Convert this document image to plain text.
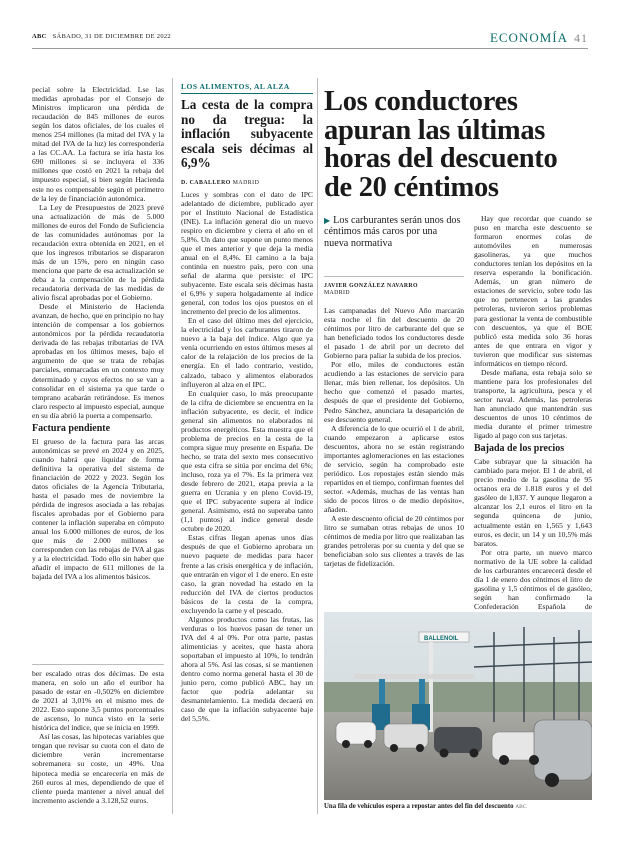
ABC SÁBADO, 31 DE DICIEMBRE DE 2022	ECONOMÍA 41

pecial sobre la Electricidad. Lse las medidas aprobadas por el Consejo de Ministros implicaron una pérdida de recaudación de 845 millones de euros según los datos oficiales, de los cuales el menos 254 millones (la mitad del IVA y la mitad del IVA de la luz) les correspondería a las CC.AA. La factura se iría hasta los 690 millones si se incluyera el 336 millones que costó en 2021 la rebaja del impuesto especial, si bien según Hacienda este no es compensable según el perímetro de la ley de financiación autonómica.

La Ley de Presupuestos de 2023 prevé una actualización de más de 5.000 millones de euros del Fondo de Suficiencia de las comunidades autónomas por la recaudación extra obtenida en 2021, en el que los ingresos tributarios se dispararon más de un 15%, pero en ningún caso menciona que parte de esa actualización se deba a la compensación de la pérdida recaudatoria derivada de las medidas de alivio fiscal aprobadas por el Gobierno.

Desde el Ministerio de Hacienda avanzan, de hecho, que en principio no hay intención de compensar a los gobiernos autonómicos por la pérdida recaudatoria derivada de las rebajas tributarias de IVA aprobadas en los últimos meses, bajo el argumento de que se trata de rebajas parciales, enmarcadas en un contexto muy determinado y cuyos efectos no se van a consolidar en el sistema ya que tarde o temprano acabarán retirándose. Es menos claro respecto al impuesto especial, aunque en su día abrió la puerta a compensarlo.

Factura pendiente

El grueso de la factura para las arcas autonómicas se prevé en 2024 y en 2025, cuando habrá que liquidar de forma definitiva la operativa del sistema de financiación de 2022 y 2023. Según los datos oficiales de la Agencia Tributaria, hasta el pasado mes de noviembre la pérdida de ingresos asociada a las rebajas fiscales aprobadas por el Gobierno para contener la inflación superaba en cómputo anual los 6.000 millones de euros, de los que más de 2.000 millones se corresponden con las rebajas de IVA al gas y a la electricidad. Todo ello sin haber que añadir el impacto de 611 millones de la bajada del IVA a los alimentos básicos.

ber escalado otras dos décimas. De esta manera, en solo un año el euríbor ha pasado de estar en -0,502% en diciembre de 2021 al 3,01% en el mismo mes de 2022. Esto supone 3,5 puntos porcentuales de ascenso, lo nunca visto en la serie histórica del índice, que se inicia en 1999.

Así las cosas, las hipotecas variables que tengan que revisar su cuota con el dato de diciembre verán incrementarse sobremanera su coste, un 49%. Una hipoteca media se encarecería en más de 260 euros al mes, dependiendo de que el cliente pueda mantener a nivel anual del incremento asciende a 3.128,52 euros.

LOS ALIMENTOS, AL ALZA
La cesta de la compra no da tregua: la inflación subyacente escala seis décimas al 6,9%
D. CABALLERO MADRID

Luces y sombras con el dato de IPC adelantado de diciembre, publicado ayer por el Instituto Nacional de Estadística (INE). La inflación general dio un nuevo respiro en diciembre y cierra el año en el 5,8%. Un dato que supone un punto menos que el mes anterior y que deja la media anual en el 8,4%. El camino a la baja continúa en nuestro país, pero con una señal de alarma que persiste: el IPC subyacente. Este escala seis décimas hasta el 6,9% y supera holgadamente al índice general, con todos los ojos puestos en el incremento del precio de los alimentos.

En el caso del último mes del ejercicio, la electricidad y los carburantes tiraron de nuevo a la baja del índice. Algo que ya venía ocurriendo en estos últimos meses al calor de la relajación de los precios de la energía. En el lado contrario, vestido, calzado, tabaco y alimentos elaborados influyeron al alza en el IPC.

En cualquier caso, lo más preocupante de la cifra de diciembre se encuentra en la inflación subyacente, es decir, el índice general sin alimentos no elaborados ni productos energéticos. Esta muestra que el problema de precios en la cesta de la compra sigue muy presente en España. De hecho, se trata del sexto mes consecutivo que esta cifra se sitúa por encima del 6%; incluso, roza ya el 7%. Es la primera vez desde febrero de 2021, etapa previa a la guerra en Ucrania y en pleno Covid-19, que el IPC subyacente supera al índice general. Asimismo, está no superaba tanto (1,1 puntos) al índice general desde octubre de 2020.

Estas cifras llegan apenas unos días después de que el Gobierno aprobara un nuevo paquete de medidas para hacer frente a las crisis energética y de inflación, que entrarán en vigor el 1 de enero. En este caso, la gran novedad ha estado en la reducción del IVA de ciertos productos básicos de la cesta de la compra, excluyendo la carne y el pescado.

Algunos productos como las frutas, las verduras o los huevos pasan de tener un IVA del 4 al 0%. Por otra parte, pastas alimenticias y aceites, que hasta ahora soportaban el impuesto al 10%, lo tendrán ahora al 5%. Así las cosas, si se mantienen dentro como norma general hasta el 30 de junio pero, como publicó ABC, hay un factor que podría adelantar su desmantelamiento. La medida decaerá en caso de que la inflación subyacente baje del 5,5%.

Los conductores apuran las últimas horas del descuento de 20 céntimos
▶ Los carburantes serán unos dos céntimos más caros por una nueva normativa
JAVIER GONZÁLEZ NAVARRO
MADRID

Las campanadas del Nuevo Año marcarán esta noche el fin del descuento de 20 céntimos por litro de carburante del que se han beneficiado todos los conductores desde el pasado 1 de abril por un decreto del Gobierno para paliar la subida de los precios.

Por ello, miles de conductores están acudiendo a las estaciones de servicio para llenar, más bien rellenar, los depósitos. Un hecho que comenzó el pasado martes, después de que el presidente del Gobierno, Pedro Sánchez, anunciara la desaparición de ese descuento general.

A diferencia de lo que ocurrió el 1 de abril, cuando empezaron a aplicarse estos descuentos, ahora no se están registrando importantes aglomeraciones en las estaciones de servicio, según ha comprobado este periódico. Los repostajes están siendo más repartidos en el tiempo, confirman fuentes del sector. «Además, muchas de las ventas han sido de pocos litros o de medio depósito», añaden.

A este descuento oficial de 20 céntimos por litro se sumaban otras rebajas de unos 10 céntimos de media por litro que realizaban las grandes petroleras por su cuenta y del que se beneficiaban solo sus clientes a través de las tarjetas de fidelización.

Hay que recordar que cuando se puso en marcha este descuento se formaron enormes colas de automóviles en numerosas gasolineras, ya que muchos conductores tenían los depósitos en la reserva esperando la bonificación. Además, un gran número de estaciones de servicio, sobre todo las que no pertenecen a las grandes petroleras, tuvieron serios problemas para gestionar la venta de combustible con descuentos, ya que el BOE publicó esta medida solo 36 horas antes de que entrara en vigor y tuvieron que modificar sus sistemas informáticos en tiempo récord.

Desde mañana, esta rebaja solo se mantiene para los profesionales del transporte, la agricultura, pesca y el sector naval. Además, las petroleras han anunciado que mantendrán sus descuentos de unos 10 céntimos de media durante el primer trimestre ligado al pago con sus tarjetas.

Bajada de los precios

Cabe subrayar que la situación ha cambiado para mejor. El 1 de abril, el precio medio de la gasolina de 95 octanos era de 1.818 euros y el del gasóleo de 1,837. Y aunque llegaron a alcanzar los 2,1 euros el litro en la segunda quincena de junio, actualmente están en 1,565 y 1,643 euros, es decir, un 14 y un 10,5% más baratos.

Por otra parte, un nuevo marco normativo de la UE sobre la calidad de los carburantes encarecerá desde el día 1 de enero dos céntimos el litro de gasolina y 1,5 céntimos el de gasóleo, según han confirmado la Confederación Española de

BALLENOIL
Una fila de vehículos espera a repostar antes del fin del descuento ABC
